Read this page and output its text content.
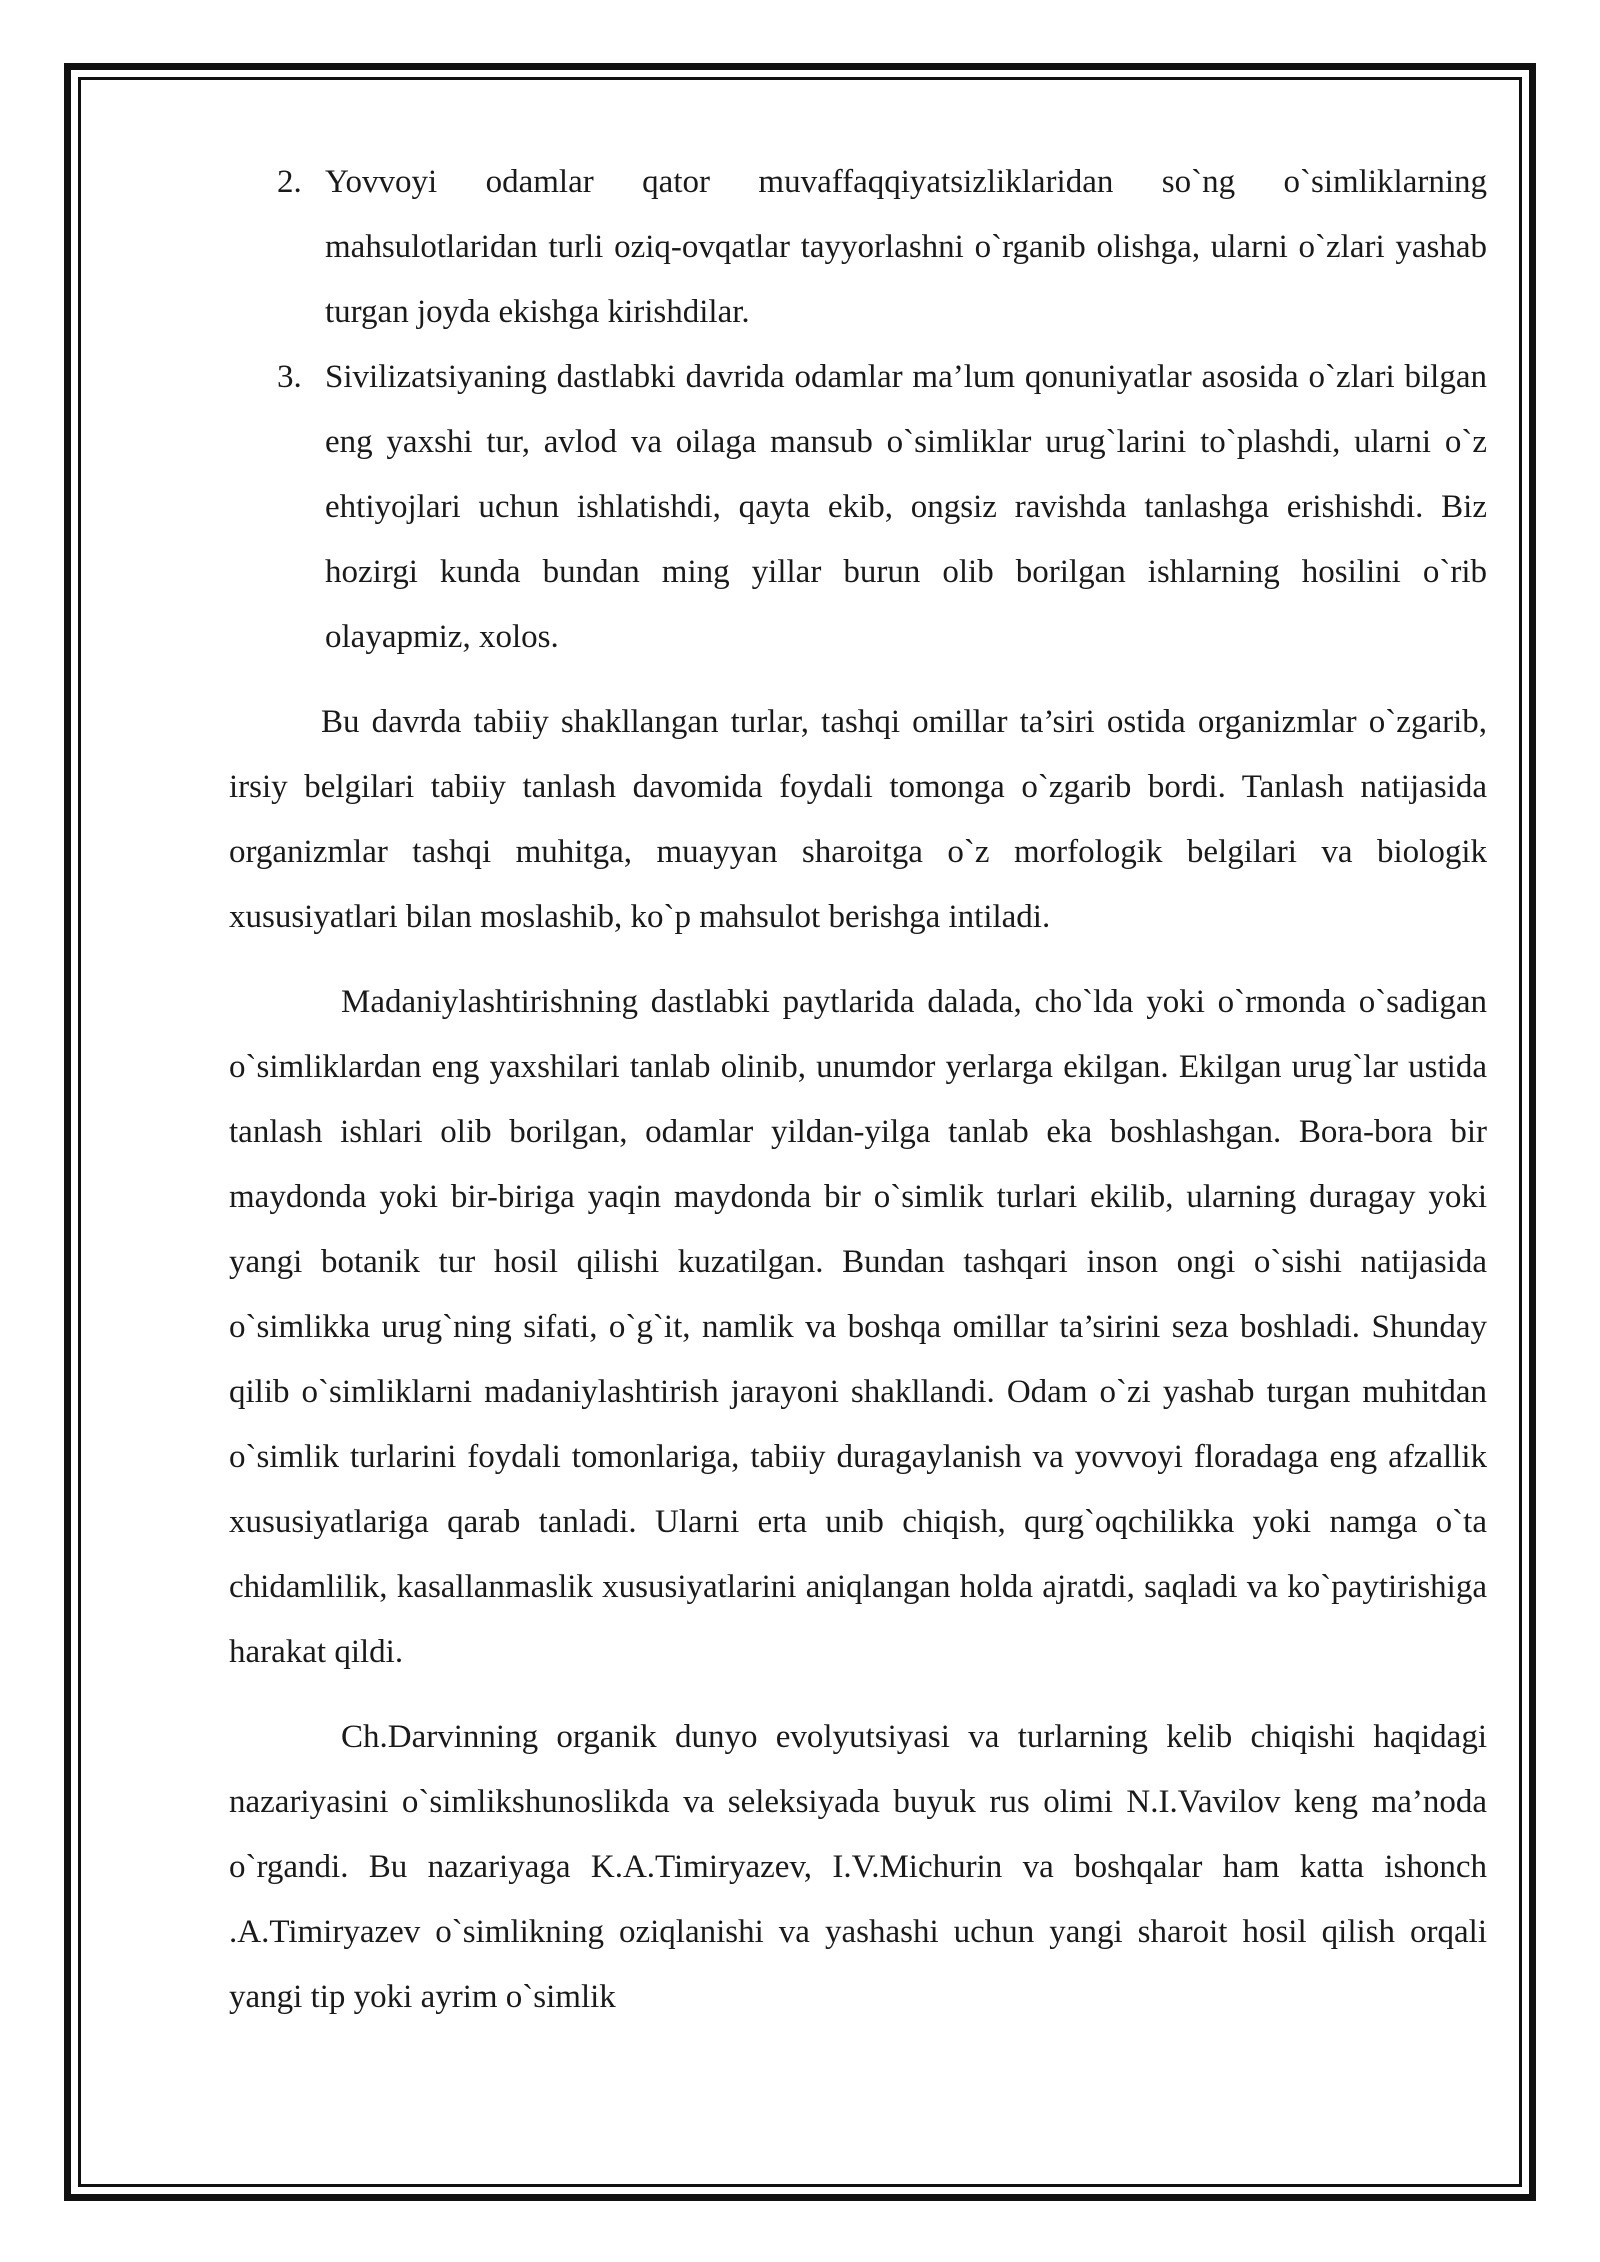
2. Yovvoyi odamlar qator muvaffaqqiyatsizliklaridan so`ng o`simliklarning mahsulotlaridan turli oziq-ovqatlar tayyorlashni o`rganib olishga, ularni o`zlari yashab turgan joyda ekishga kirishdilar.
3. Sivilizatsiyaning dastlabki davrida odamlar ma’lum qonuniyatlar asosida o`zlari bilgan eng yaxshi tur, avlod va oilaga mansub o`simliklar urug`larini to`plashdi, ularni o`z ehtiyojlari uchun ishlatishdi, qayta ekib, ongsiz ravishda tanlashga erishishdi. Biz hozirgi kunda bundan ming yillar burun olib borilgan ishlarning hosilini o`rib olayapmiz, xolos.

Bu davrda tabiiy shakllangan turlar, tashqi omillar ta’siri ostida organizmlar o`zgarib, irsiy belgilari tabiiy tanlash davomida foydali tomonga o`zgarib bordi. Tanlash natijasida organizmlar tashqi muhitga, muayyan sharoitga o`z morfologik belgilari va biologik xususiyatlari bilan moslashib, ko`p mahsulot berishga intiladi.

Madaniylashtirishning dastlabki paytlarida dalada, cho`lda yoki o`rmonda o`sadigan o`simliklardan eng yaxshilari tanlab olinib, unumdor yerlarga ekilgan. Ekilgan urug`lar ustida tanlash ishlari olib borilgan, odamlar yildan-yilga tanlab eka boshlashgan. Bora-bora bir maydonda yoki bir-biriga yaqin maydonda bir o`simlik turlari ekilib, ularning duragay yoki yangi botanik tur hosil qilishi kuzatilgan. Bundan tashqari inson ongi o`sishi natijasida o`simlikka urug`ning sifati, o`g`it, namlik va boshqa omillar ta’sirini seza boshladi. Shunday qilib o`simliklarni madaniylashtirish jarayoni shakllandi. Odam o`zi yashab turgan muhitdan o`simlik turlarini foydali tomonlariga, tabiiy duragaylanish va yovvoyi floradaga eng afzallik xususiyatlariga qarab tanladi. Ularni erta unib chiqish, qurg`oqchilikka yoki namga o`ta chidamlilik, kasallanmaslik xususiyatlarini aniqlangan holda ajratdi, saqladi va ko`paytirishiga harakat qildi.

Ch.Darvinning organik dunyo evolyutsiyasi va turlarning kelib chiqishi haqidagi nazariyasini o`simlikshunoslikda va seleksiyada buyuk rus olimi N.I.Vavilov keng ma’noda o`rgandi. Bu nazariyaga K.A.Timiryazev, I.V.Michurin va boshqalar ham katta ishonch .A.Timiryazev o`simlikning oziqlanishi va yashashi uchun yangi sharoit hosil qilish orqali yangi tip yoki ayrim o`simlik
